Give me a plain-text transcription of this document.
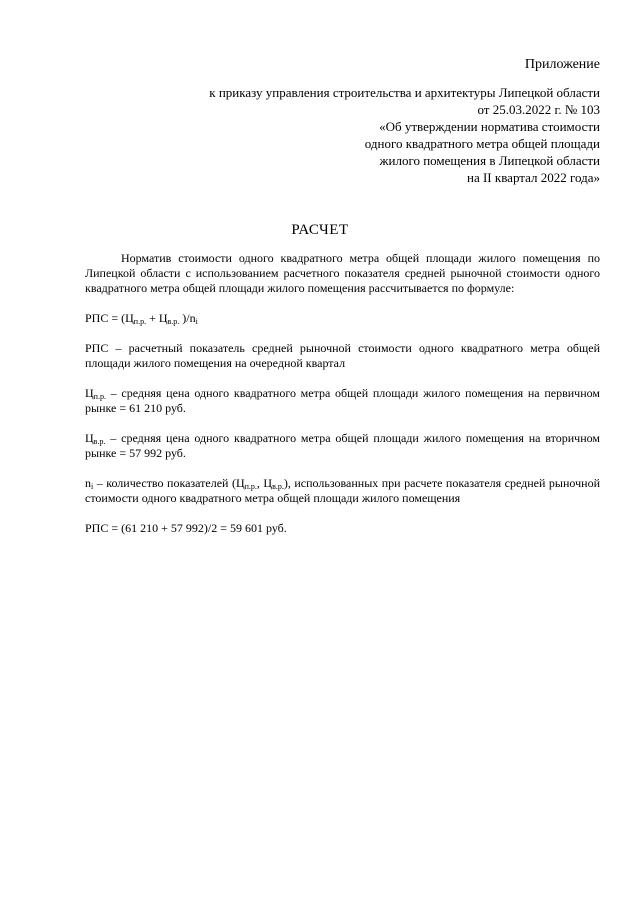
Приложение
к приказу управления строительства и архитектуры Липецкой области
от 25.03.2022 г. № 103
«Об утверждении норматива стоимости
одного квадратного метра общей площади
жилого помещения в Липецкой области
на II квартал 2022 года»
РАСЧЕТ

Норматив стоимости одного квадратного метра общей площади жилого помещения по Липецкой области с использованием расчетного показателя средней рыночной стоимости одного квадратного метра общей площади жилого помещения рассчитывается по формуле:

РПС = ($Ц_{п.р.} + Ц_{в.р.}$ )$/n_i$

РПС – расчетный показатель средней рыночной стоимости одного квадратного метра общей площади жилого помещения на очередной квартал

$Ц_{п.р.}$ – средняя цена одного квадратного метра общей площади жилого помещения на первичном рынке = 61 210 руб.

$Ц_{в.р.}$ – средняя цена одного квадратного метра общей площади жилого помещения на вторичном рынке = 57 992 руб.

$n_i$ – количество показателей ($Ц_{п.р.}$, $Ц_{в.р.}$), использованных при расчете показателя средней рыночной стоимости одного квадратного метра общей площади жилого помещения

РПС = (61 210 + 57 992)/2 = 59 601 руб.
